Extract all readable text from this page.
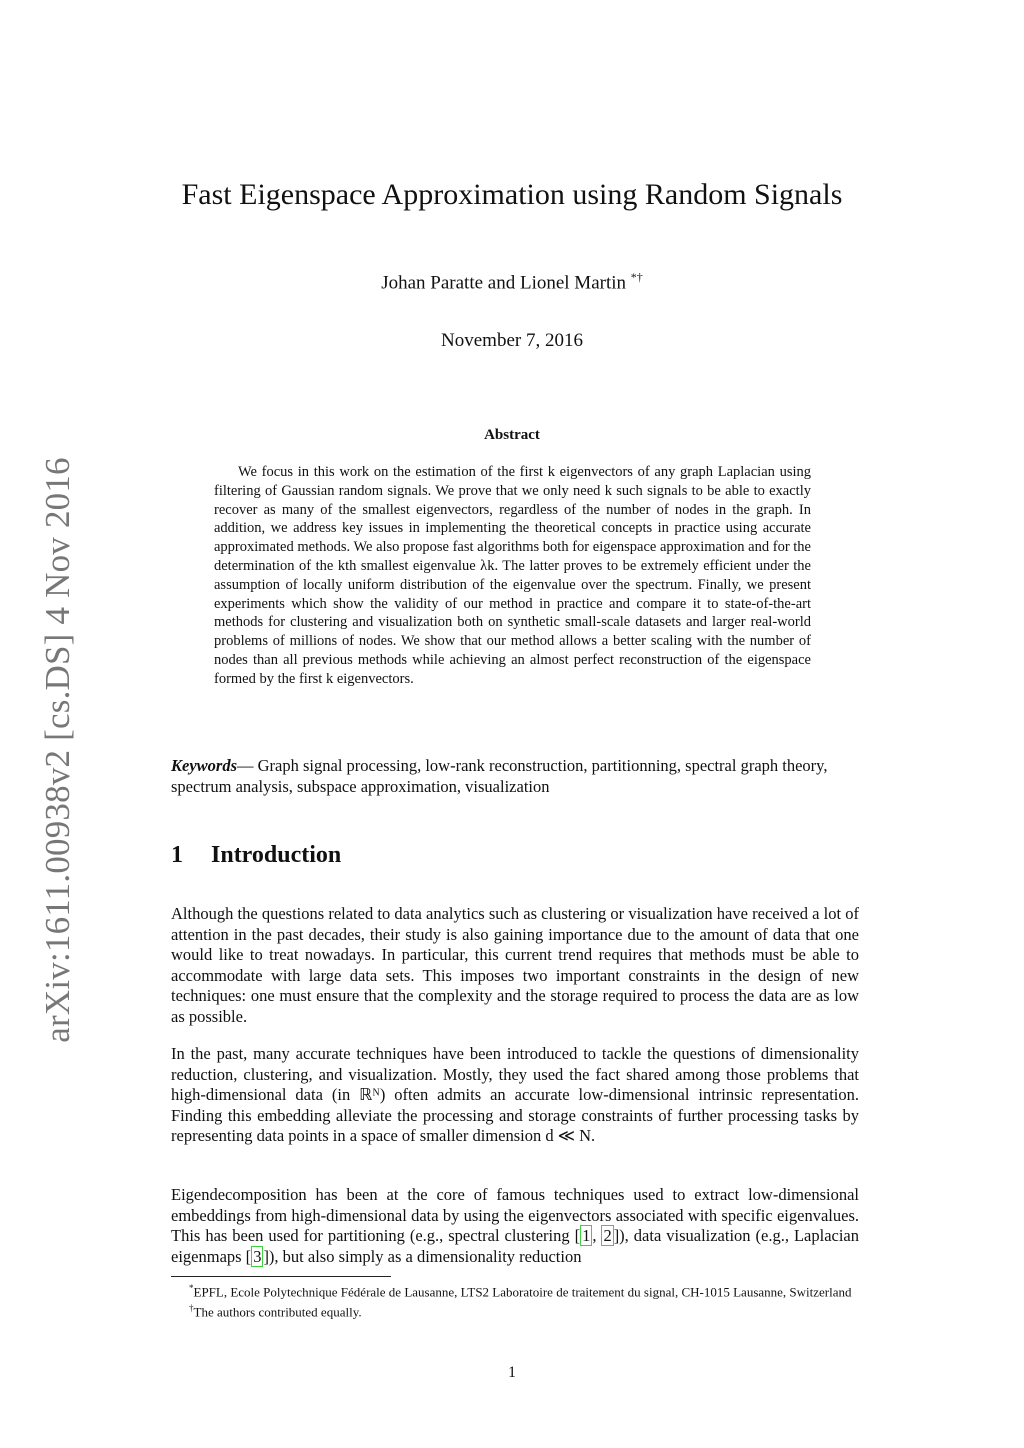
arXiv:1611.00938v2 [cs.DS] 4 Nov 2016
Fast Eigenspace Approximation using Random Signals
Johan Paratte and Lionel Martin *†
November 7, 2016
Abstract
We focus in this work on the estimation of the first k eigenvectors of any graph Laplacian using filtering of Gaussian random signals. We prove that we only need k such signals to be able to exactly recover as many of the smallest eigenvectors, regardless of the number of nodes in the graph. In addition, we address key issues in implementing the theoretical concepts in practice using accurate approximated methods. We also propose fast algorithms both for eigenspace approximation and for the determination of the kth smallest eigenvalue λk. The latter proves to be extremely efficient under the assumption of locally uniform distribution of the eigenvalue over the spectrum. Finally, we present experiments which show the validity of our method in practice and compare it to state-of-the-art methods for clustering and visualization both on synthetic small-scale datasets and larger real-world problems of millions of nodes. We show that our method allows a better scaling with the number of nodes than all previous methods while achieving an almost perfect reconstruction of the eigenspace formed by the first k eigenvectors.
Keywords— Graph signal processing, low-rank reconstruction, partitionning, spectral graph theory, spectrum analysis, subspace approximation, visualization
1 Introduction
Although the questions related to data analytics such as clustering or visualization have received a lot of attention in the past decades, their study is also gaining importance due to the amount of data that one would like to treat nowadays. In particular, this current trend requires that methods must be able to accommodate with large data sets. This imposes two important constraints in the design of new techniques: one must ensure that the complexity and the storage required to process the data are as low as possible.
In the past, many accurate techniques have been introduced to tackle the questions of dimensionality reduction, clustering, and visualization. Mostly, they used the fact shared among those problems that high-dimensional data (in ℝᴺ) often admits an accurate low-dimensional intrinsic representation. Finding this embedding alleviate the processing and storage constraints of further processing tasks by representing data points in a space of smaller dimension d ≪ N.
Eigendecomposition has been at the core of famous techniques used to extract low-dimensional embeddings from high-dimensional data by using the eigenvectors associated with specific eigenvalues. This has been used for partitioning (e.g., spectral clustering [ 1 , 2 ]), data visualization (e.g., Laplacian eigenmaps [ 3 ]), but also simply as a dimensionality reduction
*EPFL, Ecole Polytechnique Fédérale de Lausanne, LTS2 Laboratoire de traitement du signal, CH-1015 Lausanne, Switzerland
†The authors contributed equally.
1
